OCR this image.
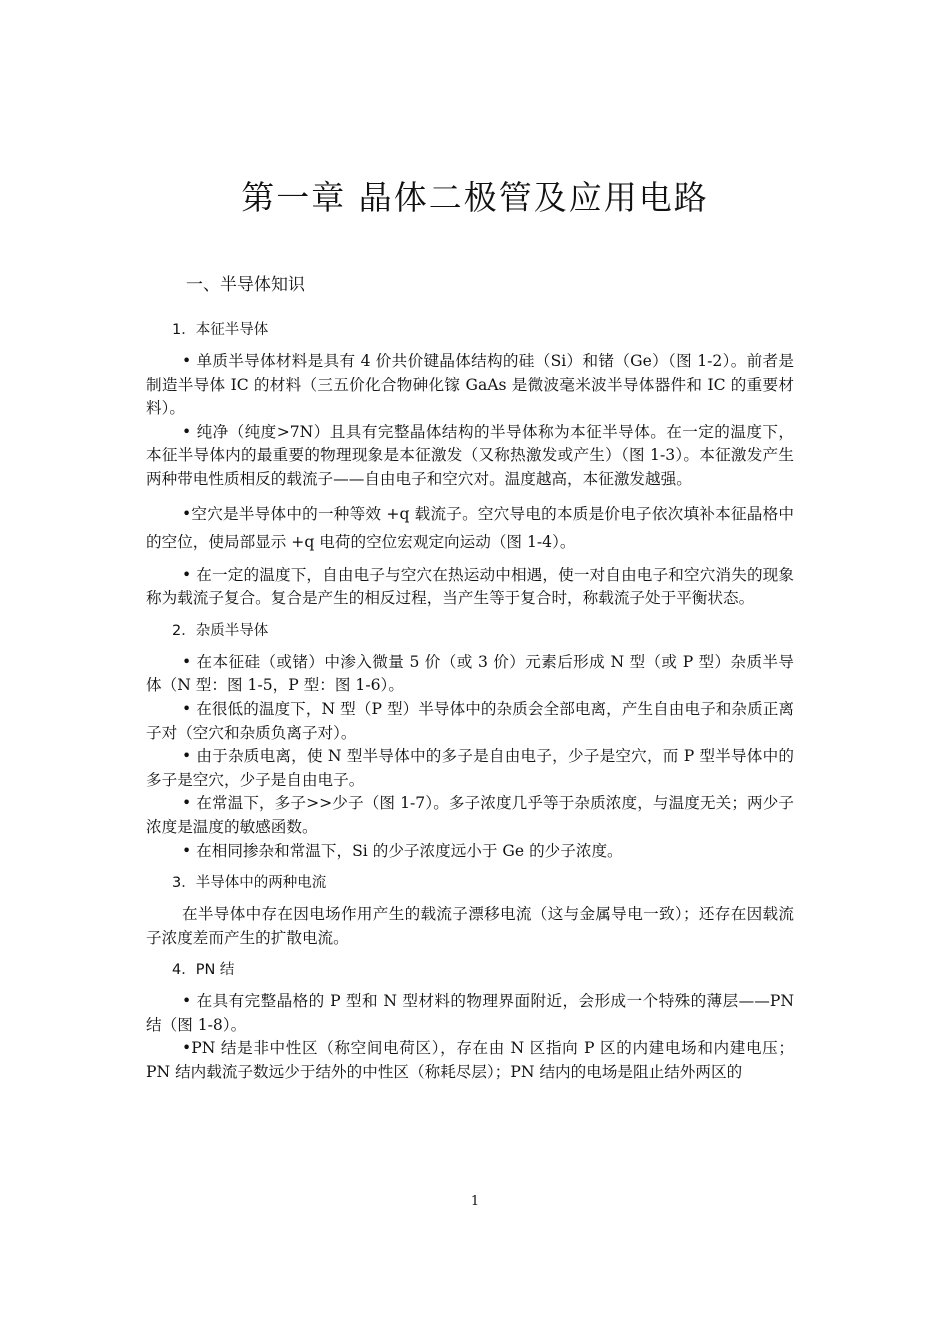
第一章 晶体二极管及应用电路
一、半导体知识
1．本征半导体

• 单质半导体材料是具有 4 价共价键晶体结构的硅（Si）和锗（Ge）（图 1-2）。前者是制造半导体 IC 的材料（三五价化合物砷化镓 GaAs 是微波毫米波半导体器件和 IC 的重要材料）。

• 纯净（纯度>7N）且具有完整晶体结构的半导体称为本征半导体。在一定的温度下，本征半导体内的最重要的物理现象是本征激发（又称热激发或产生）（图 1-3）。本征激发产生两种带电性质相反的载流子——自由电子和空穴对。温度越高，本征激发越强。

•空穴是半导体中的一种等效 +q 载流子。空穴导电的本质是价电子依次填补本征晶格中的空位，使局部显示 +q 电荷的空位宏观定向运动（图 1-4）。

• 在一定的温度下，自由电子与空穴在热运动中相遇，使一对自由电子和空穴消失的现象称为载流子复合。复合是产生的相反过程，当产生等于复合时，称载流子处于平衡状态。

2．杂质半导体

• 在本征硅（或锗）中渗入微量 5 价（或 3 价）元素后形成 N 型（或 P 型）杂质半导体（N 型：图 1-5，P 型：图 1-6）。

• 在很低的温度下，N 型（P 型）半导体中的杂质会全部电离，产生自由电子和杂质正离子对（空穴和杂质负离子对）。

• 由于杂质电离，使 N 型半导体中的多子是自由电子，少子是空穴，而 P 型半导体中的多子是空穴，少子是自由电子。

• 在常温下，多子>>少子（图 1-7）。多子浓度几乎等于杂质浓度，与温度无关；两少子浓度是温度的敏感函数。

• 在相同掺杂和常温下，Si 的少子浓度远小于 Ge 的少子浓度。

3．半导体中的两种电流

在半导体中存在因电场作用产生的载流子漂移电流（这与金属导电一致）；还存在因载流子浓度差而产生的扩散电流。

4．PN 结

• 在具有完整晶格的 P 型和 N 型材料的物理界面附近，会形成一个特殊的薄层——PN 结（图 1-8）。

•PN 结是非中性区（称空间电荷区），存在由 N 区指向 P 区的内建电场和内建电压；PN 结内载流子数远少于结外的中性区（称耗尽层）；PN 结内的电场是阻止结外两区的

1
